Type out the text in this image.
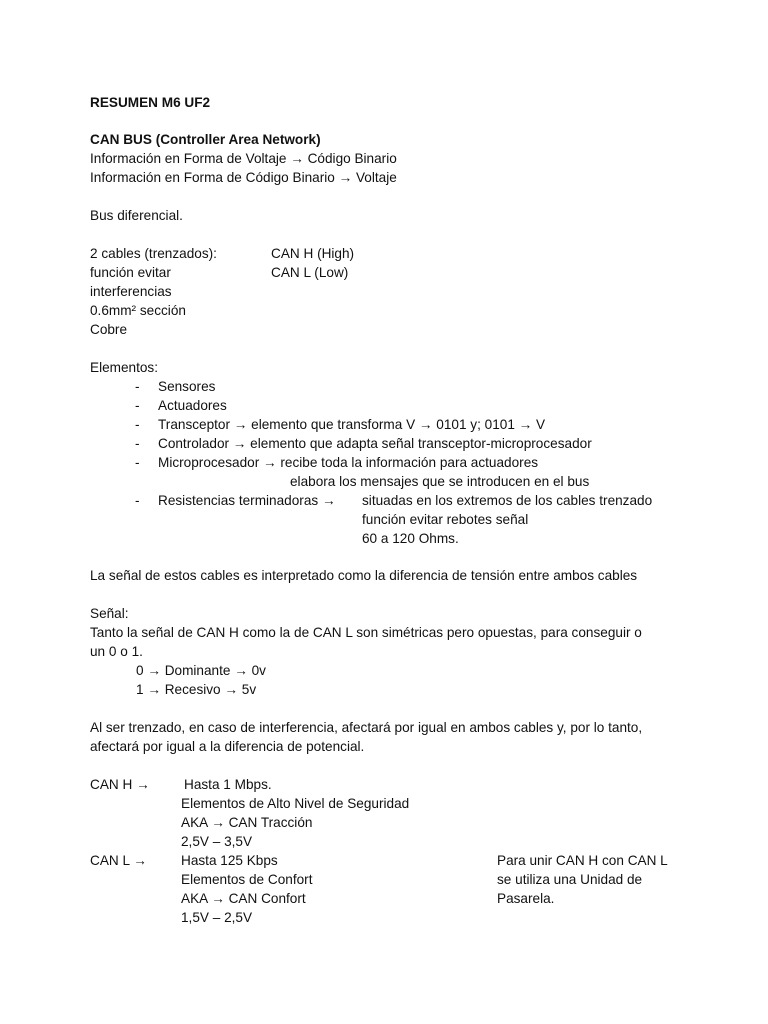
RESUMEN M6 UF2
CAN BUS (Controller Area Network)
Información en Forma de Voltaje → Código Binario
Información en Forma de Código Binario → Voltaje
Bus diferencial.
2 cables (trenzados):
función evitar
interferencias
0.6mm² sección
Cobre
CAN H (High)
CAN L (Low)
Elementos:
- Sensores
- Actuadores
- Transceptor → elemento que transforma V → 0101 y; 0101 → V
- Controlador → elemento que adapta señal transceptor-microprocesador
- Microprocesador → recibe toda la información para actuadores
elabora los mensajes que se introducen en el bus
- Resistencias terminadoras → situadas en los extremos de los cables trenzado
función evitar rebotes señal
60 a 120 Ohms.
La señal de estos cables es interpretado como la diferencia de tensión entre ambos cables
Señal:
Tanto la señal de CAN H como la de CAN L son simétricas pero opuestas, para conseguir o
un 0 o 1.
0 → Dominante → 0v
1 → Recesivo → 5v
Al ser trenzado, en caso de interferencia, afectará por igual en ambos cables y, por lo tanto,
afectará por igual a la diferencia de potencial.
CAN H →	Hasta 1 Mbps.
Elementos de Alto Nivel de Seguridad
AKA → CAN Tracción
2,5V – 3,5V
CAN L →	Hasta 125 Kbps
Elementos de Confort
AKA → CAN Confort
1,5V – 2,5V
Para unir CAN H con CAN L
se utiliza una Unidad de
Pasarela.
